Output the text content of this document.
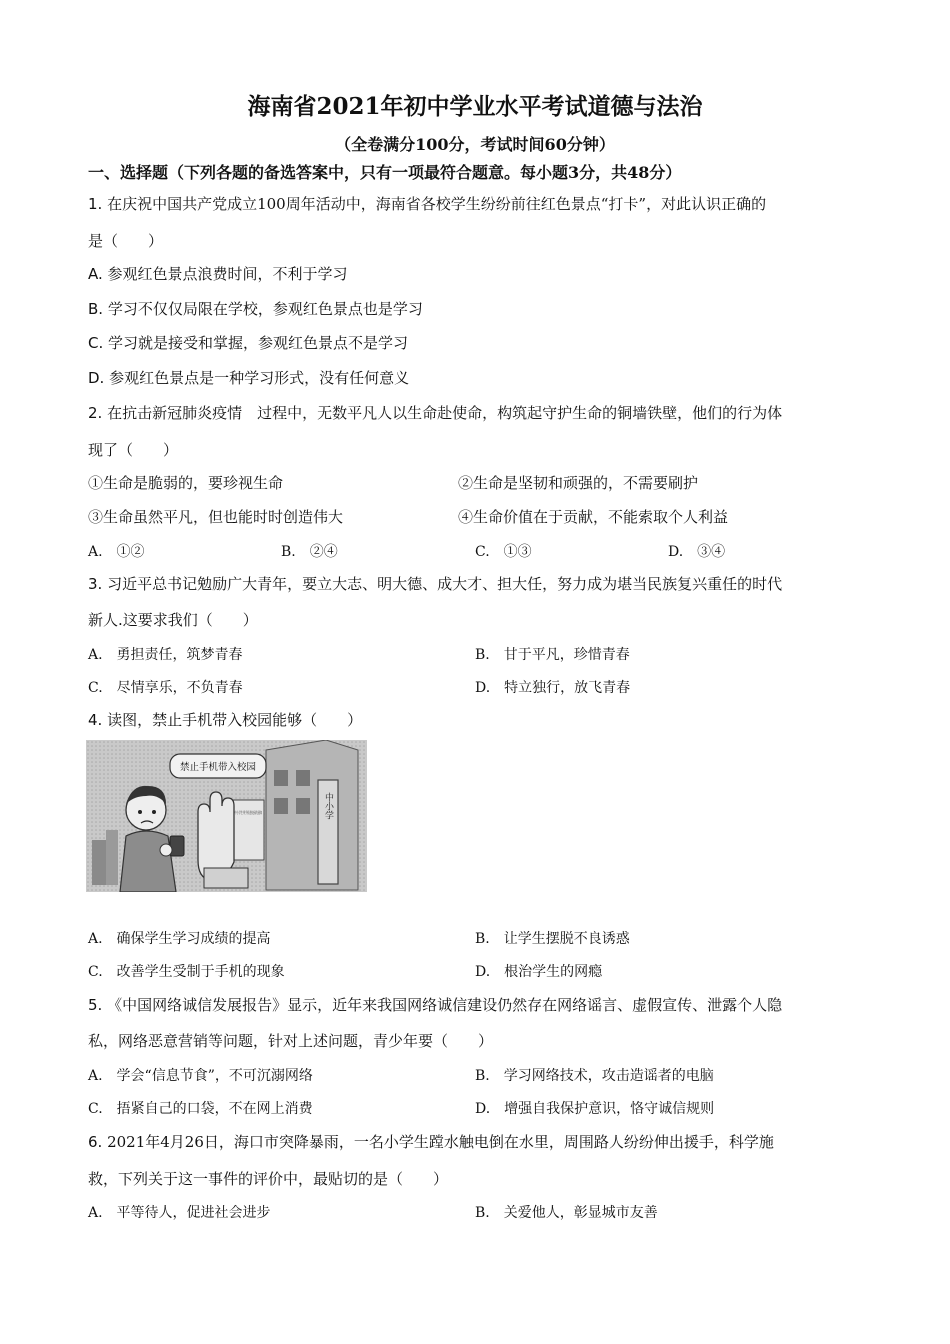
海南省2021年初中学业水平考试道德与法治
（全卷满分100分，考试时间60分钟）
一、选择题（下列各题的备选答案中，只有一项最符合题意。每小题3分，共48分）
1. 在庆祝中国共产党成立100周年活动中，海南省各校学生纷纷前往红色景点“打卡”，对此认识正确的
是（　　）
A. 参观红色景点浪费时间，不利于学习
B. 学习不仅仅局限在学校，参观红色景点也是学习
C. 学习就是接受和掌握，参观红色景点不是学习
D. 参观红色景点是一种学习形式，没有任何意义
2. 在抗击新冠肺炎疫情　过程中，无数平凡人以生命赴使命，构筑起守护生命的铜墙铁壁，他们的行为体
现了（　　）
①生命是脆弱的，要珍视生命	②生命是坚韧和顽强的，不需要刷护
③生命虽然平凡，但也能时时创造伟大	④生命价值在于贡献，不能索取个人利益
A.　①②	B.　②④	C.　①③	D.　③④
3. 习近平总书记勉励广大青年，要立大志、明大德、成大才、担大任，努力成为堪当民族复兴重任的时代
新人.这要求我们（　　）
A.　勇担责任，筑梦青春	B.　甘于平凡，珍惜青春
C.　尽情享乐，不负青春	D.　特立独行，放飞青春
4. 读图，禁止手机带入校园能够（　　）
中小学
关于禁止中小学生带手机进校园的通知
禁止手机带入校园
A.　确保学生学习成绩的提高	B.　让学生摆脱不良诱惑
C.　改善学生受制于手机的现象	D.　根治学生的网瘾
5. 《中国网络诚信发展报告》显示，近年来我国网络诚信建设仍然存在网络谣言、虚假宣传、泄露个人隐
私，网络恶意营销等问题，针对上述问题，青少年要（　　）
A.　学会“信息节食”，不可沉溺网络	B.　学习网络技术，攻击造谣者的电脑
C.　捂紧自己的口袋，不在网上消费	D.　增强自我保护意识，恪守诚信规则
6. 2021年4月26日，海口市突降暴雨，一名小学生蹚水触电倒在水里，周围路人纷纷伸出援手，科学施
救，下列关于这一事件的评价中，最贴切的是（　　）
A.　平等待人，促进社会进步	B.　关爱他人，彰显城市友善
